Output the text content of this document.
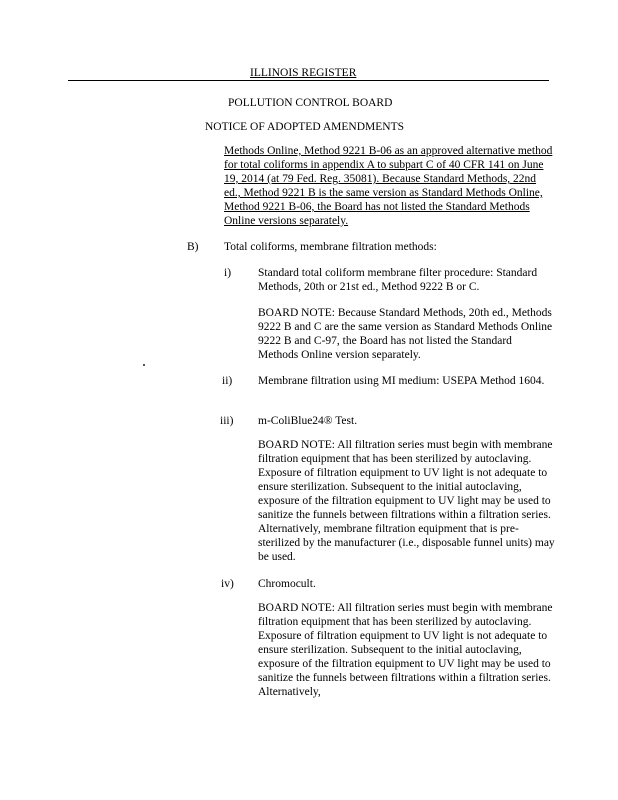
ILLINOIS REGISTER
POLLUTION CONTROL BOARD
NOTICE OF ADOPTED AMENDMENTS

Methods Online, Method 9221 B-06 as an approved alternative method for total coliforms in appendix A to subpart C of 40 CFR 141 on June 19, 2014 (at 79 Fed. Reg. 35081). Because Standard Methods, 22nd ed., Method 9221 B is the same version as Standard Methods Online, Method 9221 B-06, the Board has not listed the Standard Methods Online versions separately.

B) Total coliforms, membrane filtration methods:
i) Standard total coliform membrane filter procedure: Standard Methods, 20th or 21st ed., Method 9222 B or C.

BOARD NOTE: Because Standard Methods, 20th ed., Methods 9222 B and C are the same version as Standard Methods Online 9222 B and C-97, the Board has not listed the Standard Methods Online version separately.

ii) Membrane filtration using MI medium: USEPA Method 1604.

iii) m-ColiBlue24® Test.

BOARD NOTE: All filtration series must begin with membrane filtration equipment that has been sterilized by autoclaving. Exposure of filtration equipment to UV light is not adequate to ensure sterilization. Subsequent to the initial autoclaving, exposure of the filtration equipment to UV light may be used to sanitize the funnels between filtrations within a filtration series. Alternatively, membrane filtration equipment that is pre-sterilized by the manufacturer (i.e., disposable funnel units) may be used.

iv) Chromocult.

BOARD NOTE: All filtration series must begin with membrane filtration equipment that has been sterilized by autoclaving. Exposure of filtration equipment to UV light is not adequate to ensure sterilization. Subsequent to the initial autoclaving, exposure of the filtration equipment to UV light may be used to sanitize the funnels between filtrations within a filtration series. Alternatively,
